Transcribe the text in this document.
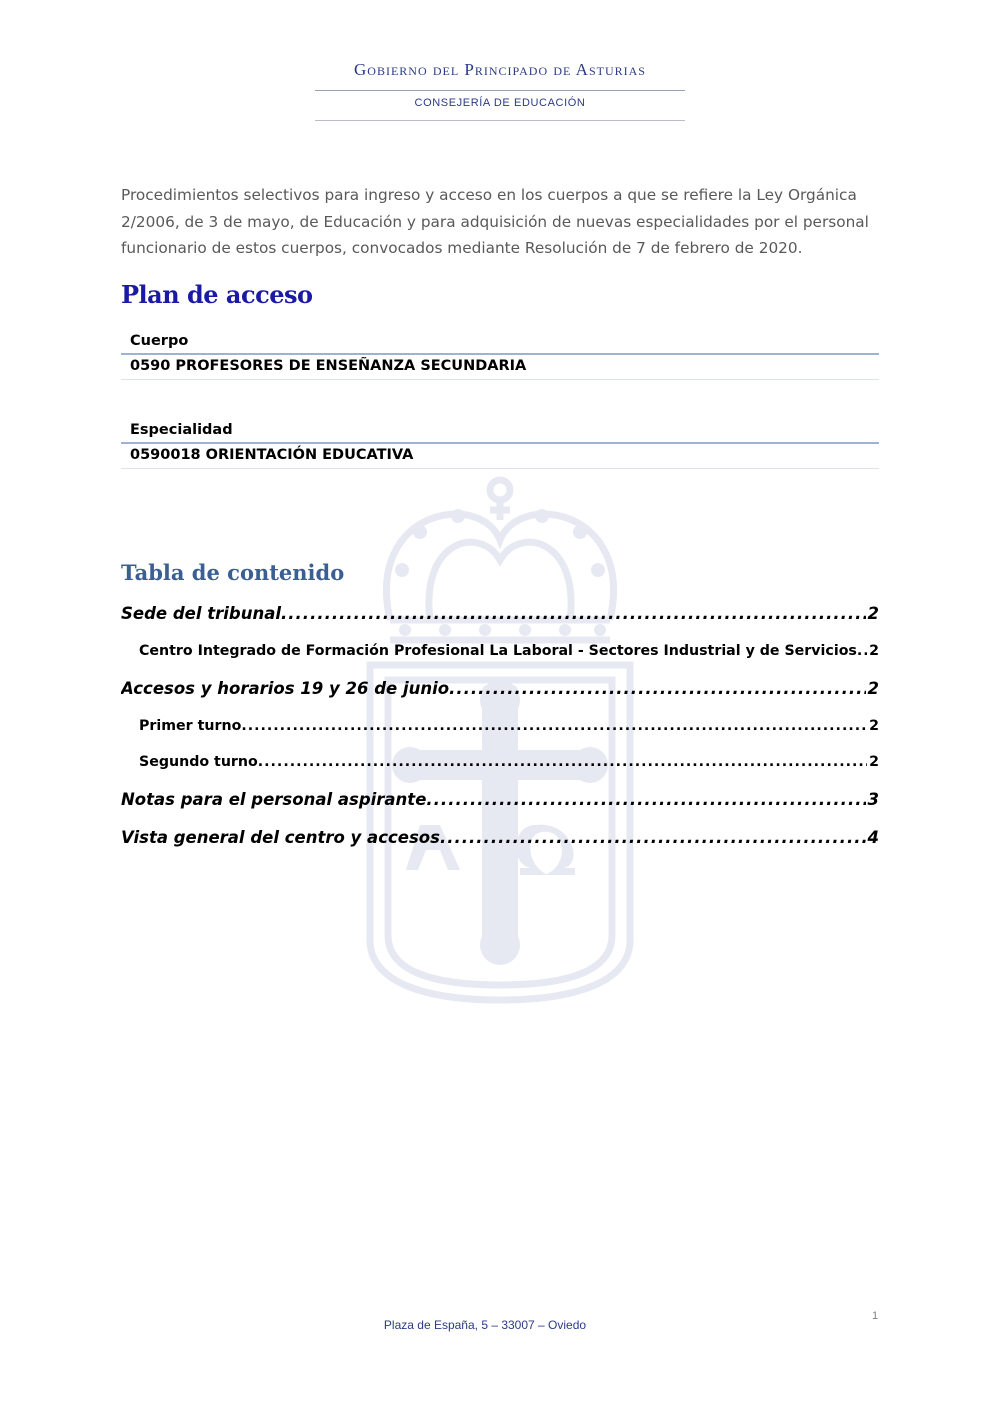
Gobierno del Principado de Asturias
CONSEJERÍA DE EDUCACIÓN
Procedimientos selectivos para ingreso y acceso en los cuerpos a que se refiere la Ley Orgánica 2/2006, de 3 de mayo, de Educación y para adquisición de nuevas especialidades por el personal funcionario de estos cuerpos, convocados mediante Resolución de 7 de febrero de 2020.
Plan de acceso
Cuerpo
0590 PROFESORES DE ENSEÑANZA SECUNDARIA
Especialidad
0590018 ORIENTACIÓN EDUCATIVA
Tabla de contenido
Sede del tribunal .....	2
Centro Integrado de Formación Profesional La Laboral - Sectores Industrial y de Servicios ..... 2
Accesos y horarios 19 y 26 de junio .....	2
Primer turno .....	2
Segundo turno .....	2
Notas para el personal aspirante .....	3
Vista general del centro y accesos .....	4
1
Plaza de España, 5 – 33007 – Oviedo
